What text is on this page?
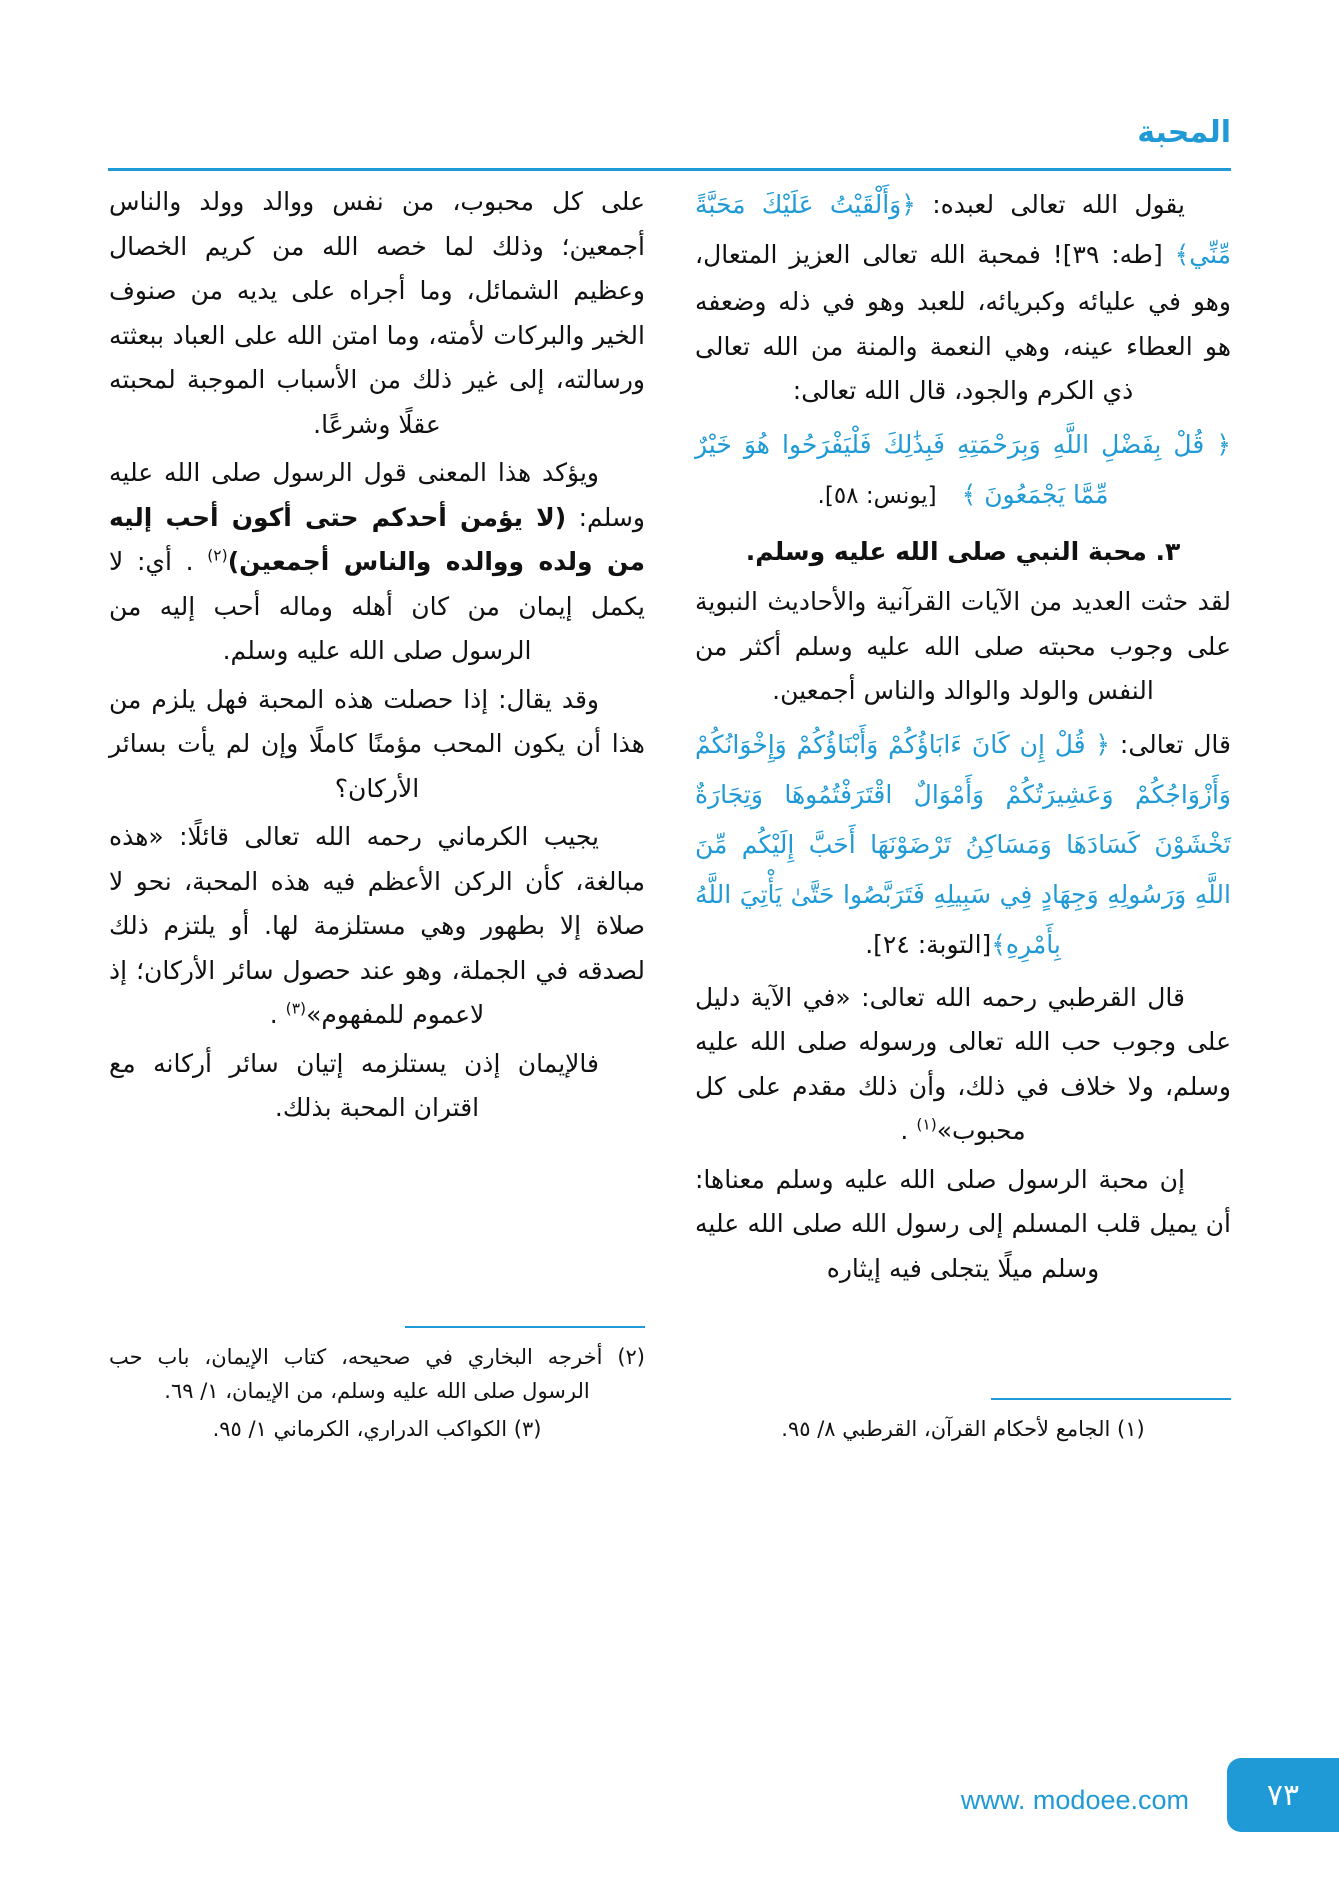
المحبة

يقول الله تعالى لعبده: ﴿وَأَلْقَيْتُ عَلَيْكَ مَحَبَّةً مِّنِّي﴾ [طه: ٣٩]! فمحبة الله تعالى العزيز المتعال، وهو في عليائه وكبريائه، للعبد وهو في ذله وضعفه هو العطاء عينه، وهي النعمة والمنة من الله تعالى ذي الكرم والجود، قال الله تعالى:

﴿ قُلْ بِفَضْلِ اللَّهِ وَبِرَحْمَتِهِ فَبِذَٰلِكَ فَلْيَفْرَحُوا هُوَ خَيْرٌ مِّمَّا يَجْمَعُونَ ﴾　[يونس: ٥٨].

٣. محبة النبي صلى الله عليه وسلم.

لقد حثت العديد من الآيات القرآنية والأحاديث النبوية على وجوب محبته صلى الله عليه وسلم أكثر من النفس والولد والوالد والناس أجمعين.

قال تعالى: ﴿ قُلْ إِن كَانَ ءَابَاؤُكُمْ وَأَبْنَاؤُكُمْ وَإِخْوَانُكُمْ وَأَزْوَاجُكُمْ وَعَشِيرَتُكُمْ وَأَمْوَالٌ اقْتَرَفْتُمُوهَا وَتِجَارَةٌ تَخْشَوْنَ كَسَادَهَا وَمَسَاكِنُ تَرْضَوْنَهَا أَحَبَّ إِلَيْكُم مِّنَ اللَّهِ وَرَسُولِهِ وَجِهَادٍ فِي سَبِيلِهِ فَتَرَبَّصُوا حَتَّىٰ يَأْتِيَ اللَّهُ بِأَمْرِهِ﴾[التوبة: ٢٤].

قال القرطبي رحمه الله تعالى: «في الآية دليل على وجوب حب الله تعالى ورسوله صلى الله عليه وسلم، ولا خلاف في ذلك، وأن ذلك مقدم على كل محبوب»$^{(١)}$ .

إن محبة الرسول صلى الله عليه وسلم معناها: أن يميل قلب المسلم إلى رسول الله صلى الله عليه وسلم ميلًا يتجلى فيه إيثاره

(١) الجامع لأحكام القرآن، القرطبي ٨/ ٩٥.

على كل محبوب، من نفس ووالد وولد والناس أجمعين؛ وذلك لما خصه الله من كريم الخصال وعظيم الشمائل، وما أجراه على يديه من صنوف الخير والبركات لأمته، وما امتن الله على العباد ببعثته ورسالته، إلى غير ذلك من الأسباب الموجبة لمحبته عقلًا وشرعًا.

ويؤكد هذا المعنى قول الرسول صلى الله عليه وسلم: (لا يؤمن أحدكم حتى أكون أحب إليه من ولده ووالده والناس أجمعين)$^{(٢)}$ . أي: لا يكمل إيمان من كان أهله وماله أحب إليه من الرسول صلى الله عليه وسلم.

وقد يقال: إذا حصلت هذه المحبة فهل يلزم من هذا أن يكون المحب مؤمنًا كاملًا وإن لم يأت بسائر الأركان؟

يجيب الكرماني رحمه الله تعالى قائلًا: «هذه مبالغة، كأن الركن الأعظم فيه هذه المحبة، نحو لا صلاة إلا بطهور وهي مستلزمة لها. أو يلتزم ذلك لصدقه في الجملة، وهو عند حصول سائر الأركان؛ إذ لاعموم للمفهوم»$^{(٣)}$ .

فالإيمان إذن يستلزمه إتيان سائر أركانه مع اقتران المحبة بذلك.

(٢) أخرجه البخاري في صحيحه، كتاب الإيمان، باب حب الرسول صلى الله عليه وسلم، من الإيمان، ١/ ٦٩.

(٣) الكواكب الدراري، الكرماني ١/ ٩٥.

٧٣
www. modoee.com
